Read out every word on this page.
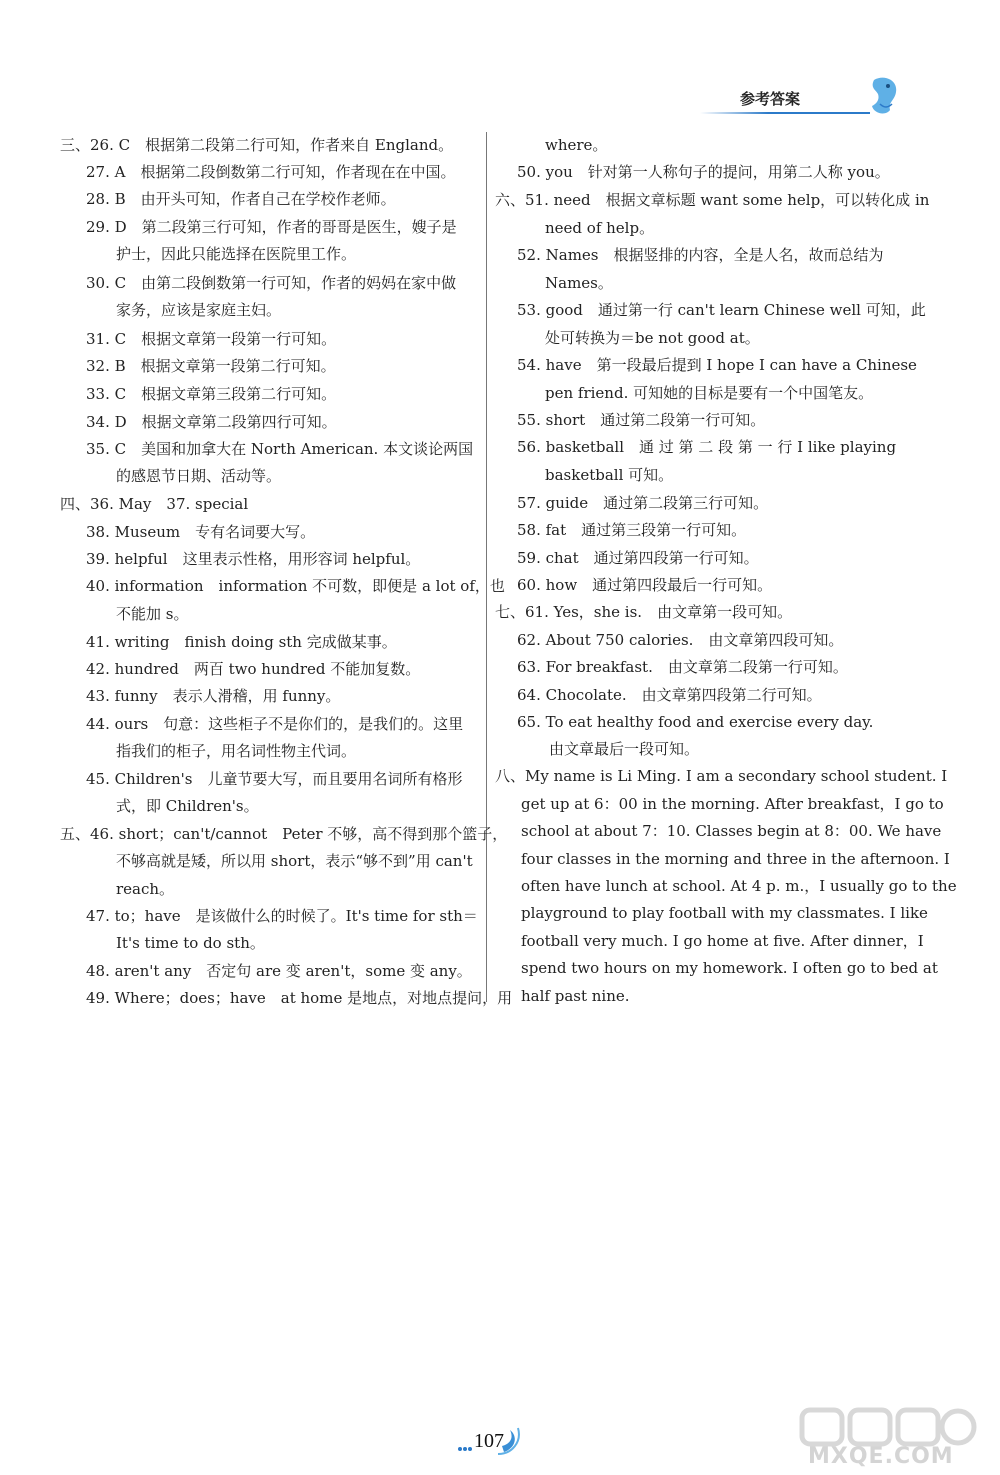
参考答案
三、26. C　根据第二段第二行可知，作者来自 England。
27. A　根据第二段倒数第二行可知，作者现在在中国。
28. B　由开头可知，作者自己在学校作老师。
29. D　第二段第三行可知，作者的哥哥是医生，嫂子是
护士，因此只能选择在医院里工作。
30. C　由第二段倒数第一行可知，作者的妈妈在家中做
家务，应该是家庭主妇。
31. C　根据文章第一段第一行可知。
32. B　根据文章第一段第二行可知。
33. C　根据文章第三段第二行可知。
34. D　根据文章第二段第四行可知。
35. C　美国和加拿大在 North American. 本文谈论两国
的感恩节日期、活动等。
四、36. May　37. special
38. Museum　专有名词要大写。
39. helpful　这里表示性格，用形容词 helpful。
40. information　information 不可数，即便是 a lot of，也
不能加 s。
41. writing　finish doing sth 完成做某事。
42. hundred　两百 two hundred 不能加复数。
43. funny　表示人滑稽，用 funny。
44. ours　句意：这些柜子不是你们的，是我们的。这里
指我们的柜子，用名词性物主代词。
45. Children's　儿童节要大写，而且要用名词所有格形
式，即 Children's。
五、46. short；can't/cannot　Peter 不够，高不得到那个篮子，
不够高就是矮，所以用 short，表示“够不到”用 can't
reach。
47. to；have　是该做什么的时候了。It's time for sth＝
It's time to do sth。
48. aren't any　否定句 are 变 aren't，some 变 any。
49. Where；does；have　at home 是地点，对地点提问，用
where。
50. you　针对第一人称句子的提问，用第二人称 you。
六、51. need　根据文章标题 want some help，可以转化成 in
need of help。
52. Names　根据竖排的内容，全是人名，故而总结为
Names。
53. good　通过第一行 can't learn Chinese well 可知，此
处可转换为＝be not good at。
54. have　第一段最后提到 I hope I can have a Chinese
pen friend. 可知她的目标是要有一个中国笔友。
55. short　通过第二段第一行可知。
56. basketball　通 过 第 二 段 第 一 行 I like playing
basketball 可知。
57. guide　通过第二段第三行可知。
58. fat　通过第三段第一行可知。
59. chat　通过第四段第一行可知。
60. how　通过第四段最后一行可知。
七、61. Yes，she is.　由文章第一段可知。
62. About 750 calories.　由文章第四段可知。
63. For breakfast.　由文章第二段第一行可知。
64. Chocolate.　由文章第四段第二行可知。
65. To eat healthy food and exercise every day.
由文章最后一段可知。
八、My name is Li Ming. I am a secondary school student. I
get up at 6：00 in the morning. After breakfast，I go to
school at about 7：10. Classes begin at 8：00. We have
four classes in the morning and three in the afternoon. I
often have lunch at school. At 4 p. m.，I usually go to the
playground to play football with my classmates. I like
football very much. I go home at five. After dinner，I
spend two hours on my homework. I often go to bed at
half past nine.
107
MXQE.COM
